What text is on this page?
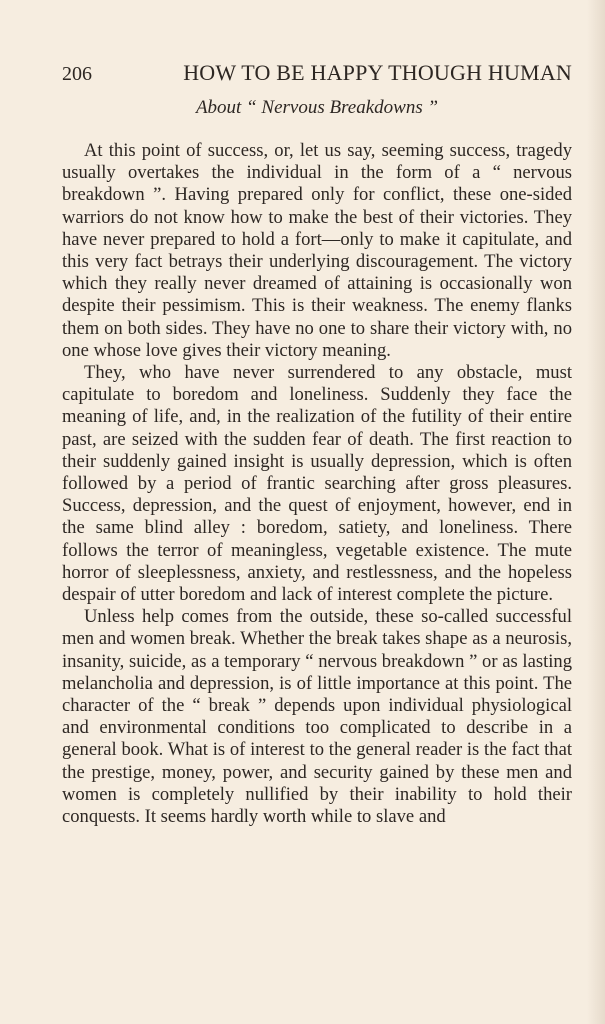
206	HOW TO BE HAPPY THOUGH HUMAN
About “ Nervous Breakdowns ”

At this point of success, or, let us say, seeming success, tragedy usually overtakes the individual in the form of a “ nervous breakdown ”. Having prepared only for conflict, these one-sided warriors do not know how to make the best of their victories. They have never prepared to hold a fort—only to make it capitulate, and this very fact betrays their underlying discouragement. The victory which they really never dreamed of attaining is occasionally won despite their pessimism. This is their weakness. The enemy flanks them on both sides. They have no one to share their victory with, no one whose love gives their victory meaning.

They, who have never surrendered to any obstacle, must capitulate to boredom and loneliness. Suddenly they face the meaning of life, and, in the realization of the futility of their entire past, are seized with the sudden fear of death. The first reaction to their suddenly gained insight is usually depression, which is often followed by a period of frantic searching after gross pleasures. Success, depression, and the quest of enjoyment, however, end in the same blind alley : boredom, satiety, and loneliness. There follows the terror of meaningless, vegetable existence. The mute horror of sleeplessness, anxiety, and restlessness, and the hopeless despair of utter boredom and lack of interest complete the picture.

Unless help comes from the outside, these so-called successful men and women break. Whether the break takes shape as a neurosis, insanity, suicide, as a temporary “ nervous breakdown ” or as lasting melancholia and depression, is of little importance at this point. The character of the “ break ” depends upon individual physiological and environmental conditions too complicated to describe in a general book. What is of interest to the general reader is the fact that the prestige, money, power, and security gained by these men and women is completely nullified by their inability to hold their conquests. It seems hardly worth while to slave and
